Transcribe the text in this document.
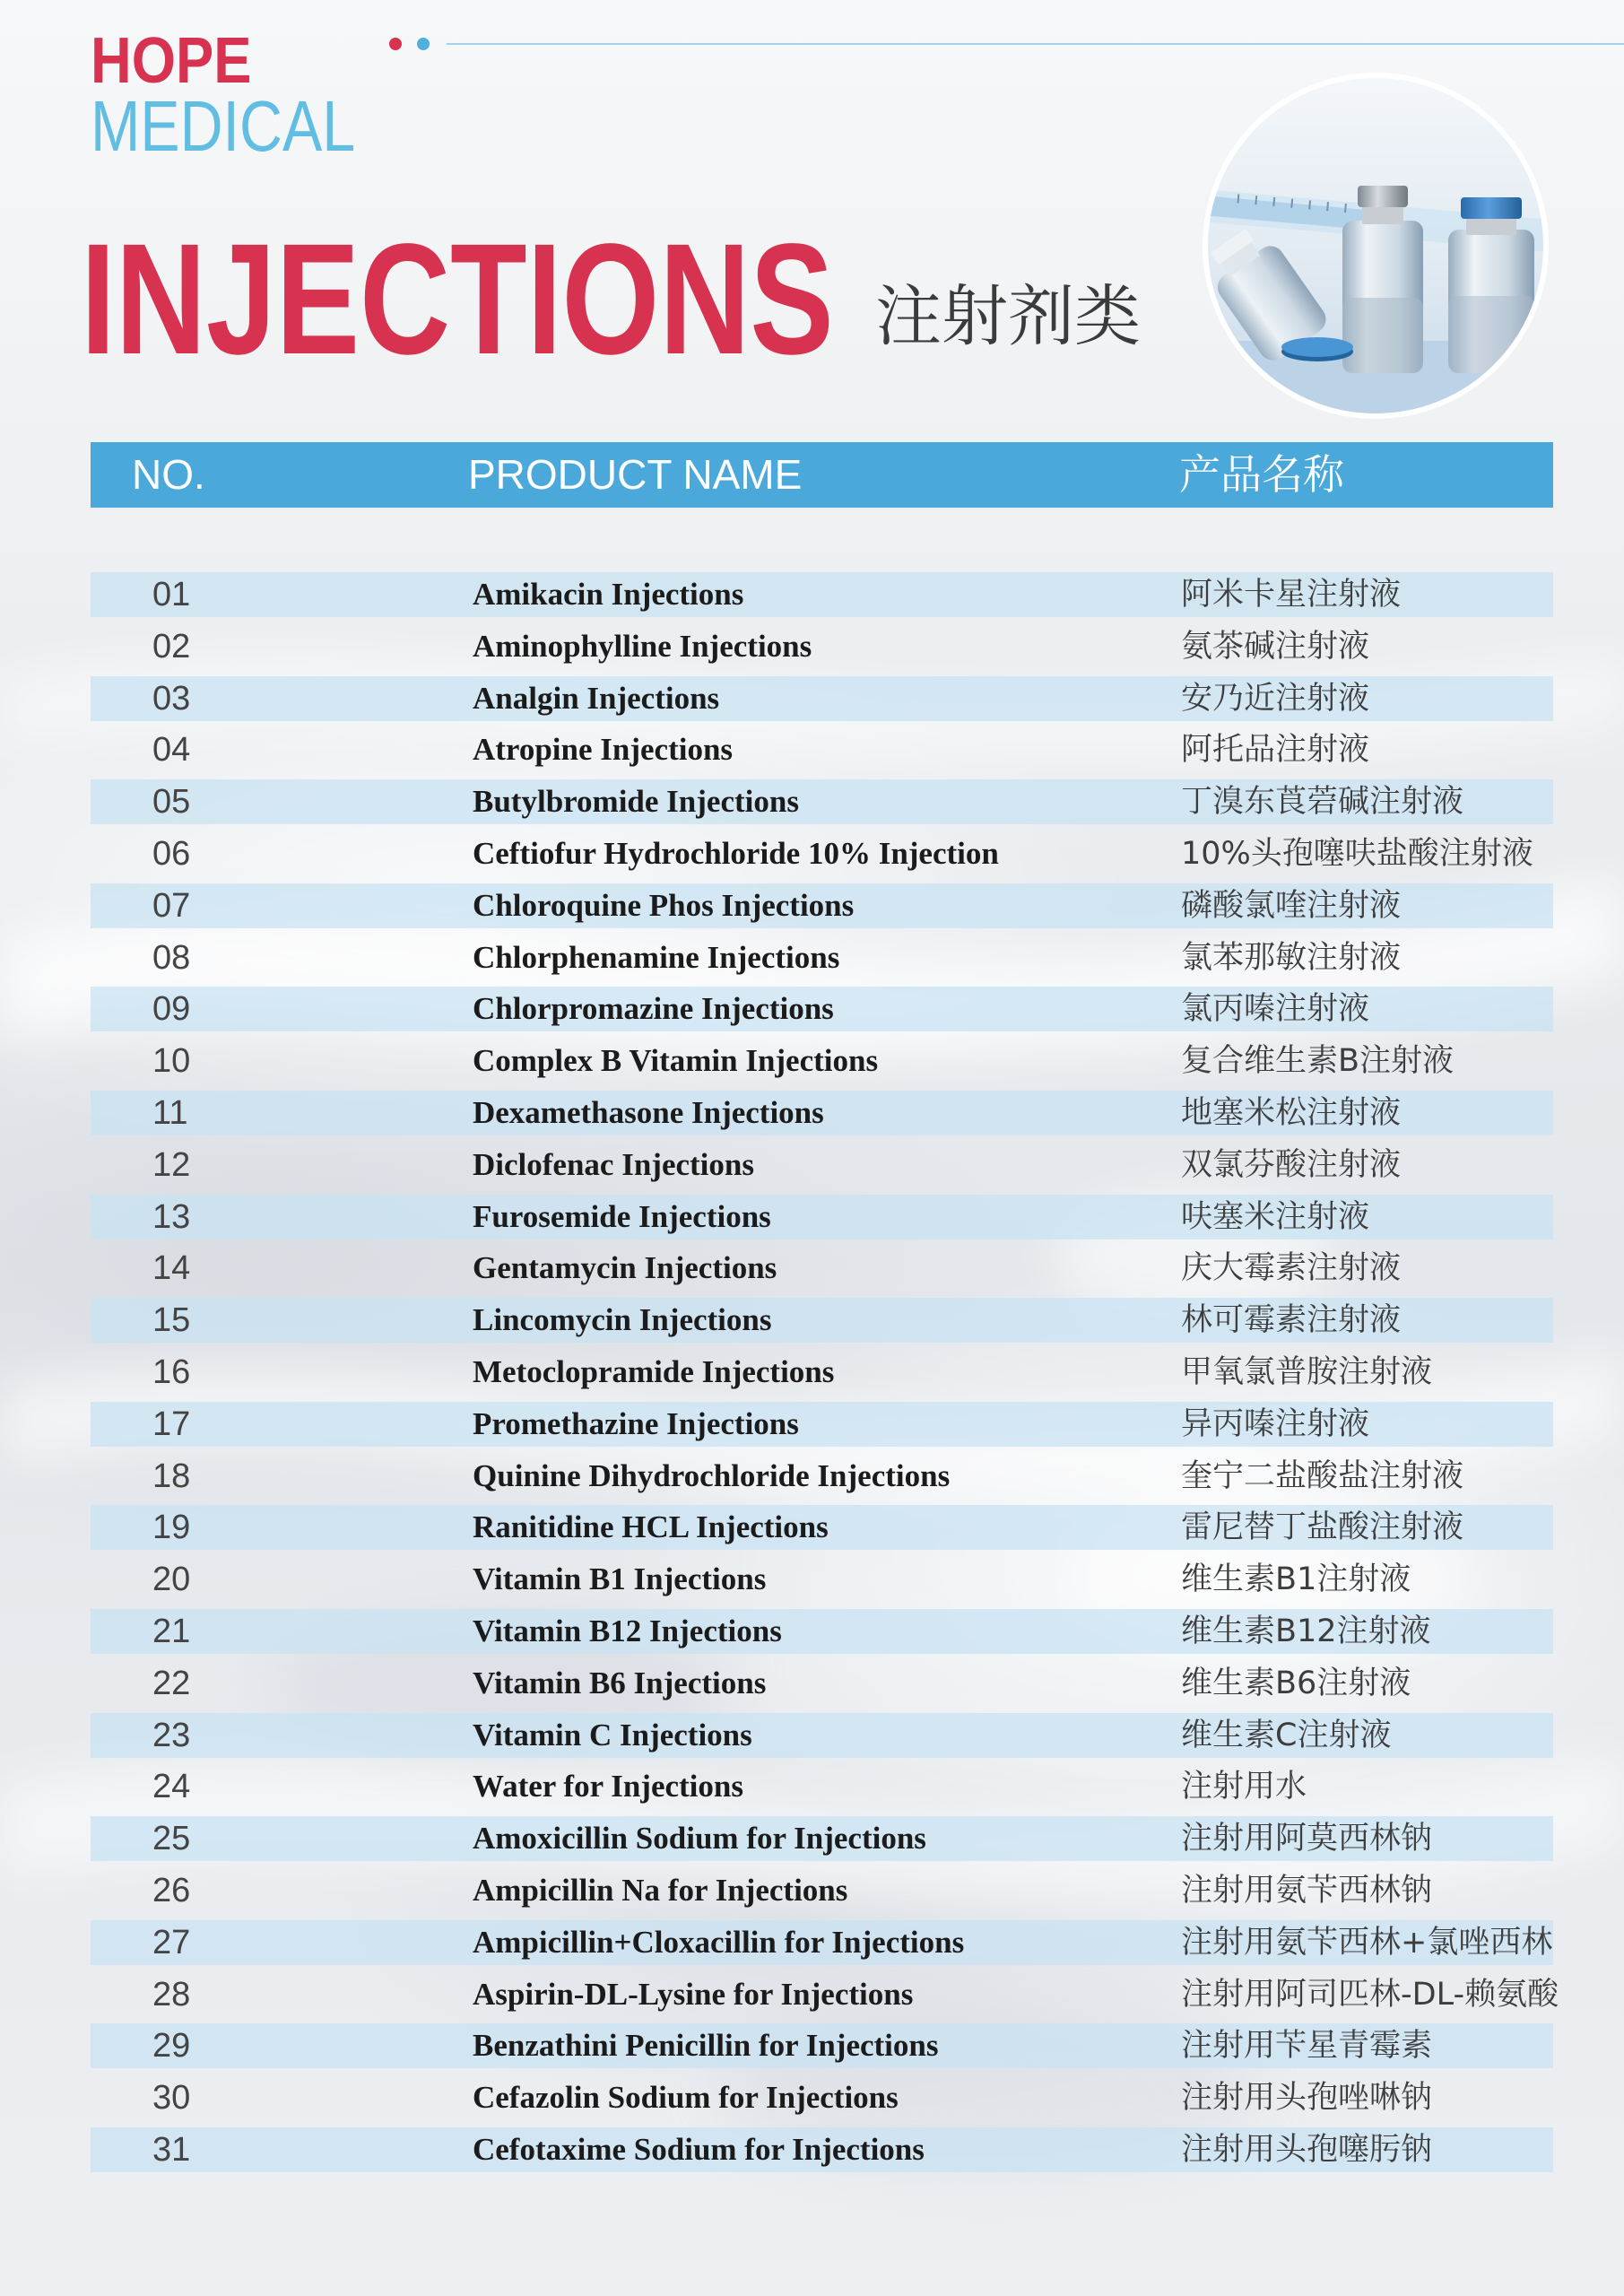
HOPE
MEDICAL
INJECTIONS 注射剂类
NO.	PRODUCT NAME	产品名称
01	Amikacin Injections	阿米卡星注射液
02	Aminophylline Injections	氨茶碱注射液
03	Analgin Injections	安乃近注射液
04	Atropine Injections	阿托品注射液
05	Butylbromide Injections	丁溴东莨菪碱注射液
06	Ceftiofur Hydrochloride 10% Injection	10%头孢噻呋盐酸注射液
07	Chloroquine Phos Injections	磷酸氯喹注射液
08	Chlorphenamine Injections	氯苯那敏注射液
09	Chlorpromazine Injections	氯丙嗪注射液
10	Complex B Vitamin Injections	复合维生素B注射液
11	Dexamethasone Injections	地塞米松注射液
12	Diclofenac Injections	双氯芬酸注射液
13	Furosemide Injections	呋塞米注射液
14	Gentamycin Injections	庆大霉素注射液
15	Lincomycin Injections	林可霉素注射液
16	Metoclopramide Injections	甲氧氯普胺注射液
17	Promethazine Injections	异丙嗪注射液
18	Quinine Dihydrochloride Injections	奎宁二盐酸盐注射液
19	Ranitidine HCL Injections	雷尼替丁盐酸注射液
20	Vitamin B1 Injections	维生素B1注射液
21	Vitamin B12 Injections	维生素B12注射液
22	Vitamin B6 Injections	维生素B6注射液
23	Vitamin C Injections	维生素C注射液
24	Water for Injections	注射用水
25	Amoxicillin Sodium for Injections	注射用阿莫西林钠
26	Ampicillin Na for Injections	注射用氨苄西林钠
27	Ampicillin+Cloxacillin for Injections	注射用氨苄西林+氯唑西林
28	Aspirin-DL-Lysine for Injections	注射用阿司匹林-DL-赖氨酸
29	Benzathini Penicillin for Injections	注射用苄星青霉素
30	Cefazolin Sodium for Injections	注射用头孢唑啉钠
31	Cefotaxime Sodium for Injections	注射用头孢噻肟钠
